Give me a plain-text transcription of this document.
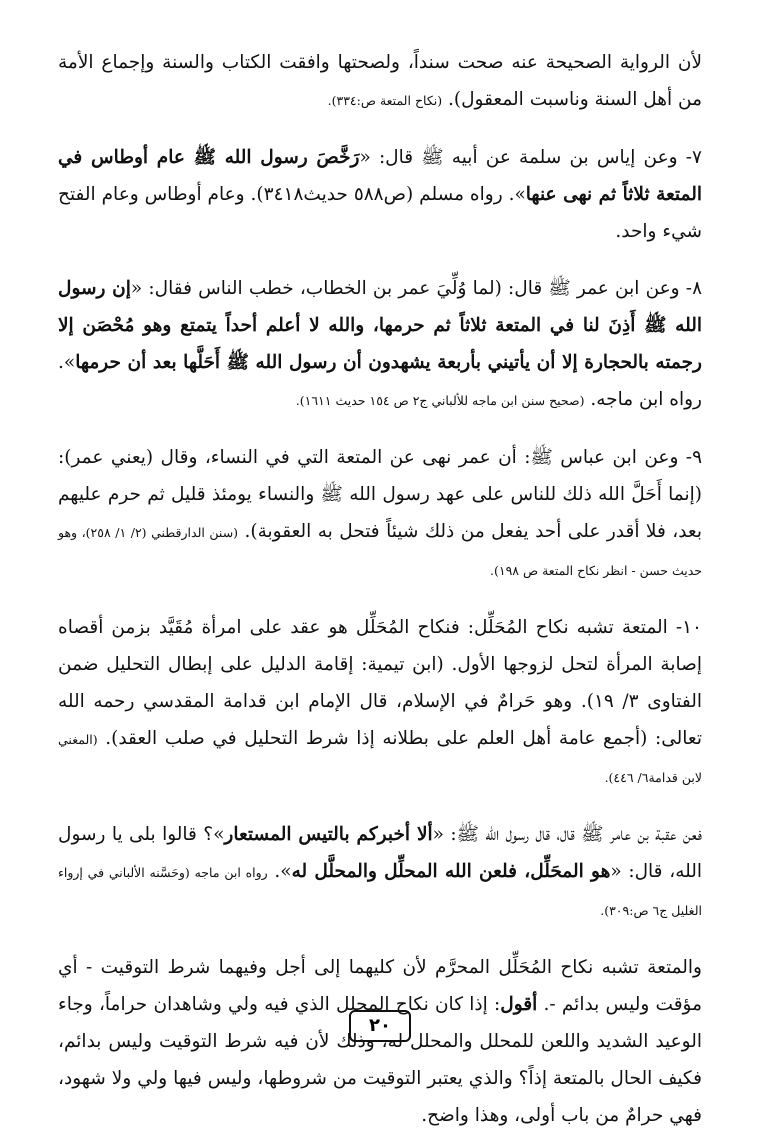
لأن الرواية الصحيحة عنه صحت سنداً، ولصحتها وافقت الكتاب والسنة وإجماع الأمة من أهل السنة وناسبت المعقول). (نكاح المتعة ص:٣٣٤).

٧- وعن إياس بن سلمة عن أبيه ﷺ قال: «رَخَّصَ رسول الله ﷺ عام أوطاس في المتعة ثلاثاً ثم نهى عنها». رواه مسلم (ص٥٨٨ حديث٣٤١٨). وعام أوطاس وعام الفتح شيء واحد.

٨- وعن ابن عمر ﷺ قال: (لما وُلِّيَ عمر بن الخطاب، خطب الناس فقال: «إن رسول الله ﷺ أَذِنَ لنا في المتعة ثلاثاً ثم حرمها، والله لا أعلم أحداً يتمتع وهو مُحْصَن إلا رجمته بالحجارة إلا أن يأتيني بأربعة يشهدون أن رسول الله ﷺ أَحَلَّها بعد أن حرمها». رواه ابن ماجه. (صحيح سنن ابن ماجه للألباني ج٢ ص ١٥٤ حديث ١٦١١).

٩- وعن ابن عباس ﷺ: أن عمر نهى عن المتعة التي في النساء، وقال (يعني عمر): (إنما أَحَلَّ الله ذلك للناس على عهد رسول الله ﷺ والنساء يومئذ قليل ثم حرم عليهم بعد، فلا أقدر على أحد يفعل من ذلك شيئاً فتحل به العقوبة). (سنن الدارقطني (٢/ ١/ ٢٥٨)، وهو حديث حسن - انظر نكاح المتعة ص ١٩٨).

١٠- المتعة تشبه نكاح المُحَلِّل: فنكاح المُحَلِّل هو عقد على امرأة مُقَيَّد بزمن أقصاه إصابة المرأة لتحل لزوجها الأول. (ابن تيمية: إقامة الدليل على إبطال التحليل ضمن الفتاوى ٣/ ١٩). وهو حَرامٌ في الإسلام، قال الإمام ابن قدامة المقدسي رحمه الله تعالى: (أجمع عامة أهل العلم على بطلانه إذا شرط التحليل في صلب العقد). (المغني لابن قدامة٦/ ٤٤٦).

فعن عقبة بن عامر ﷺ قال، قال رسول الله ﷺ: «ألا أخبركم بالتيس المستعار»؟ قالوا بلى يا رسول الله، قال: «هو المحَلِّل، فلعن الله المحلِّل والمحلَّل له». رواه ابن ماجه (وحَسَّنه الألباني في إرواء الغليل ج٦ ص:٣٠٩).

والمتعة تشبه نكاح المُحَلِّل المحرَّم لأن كليهما إلى أجل وفيهما شرط التوقيت - أي مؤقت وليس بدائم -. أقول: إذا كان نكاح المحلل الذي فيه ولي وشاهدان حراماً، وجاء الوعيد الشديد واللعن للمحلل والمحلل له، وذلك لأن فيه شرط التوقيت وليس بدائم، فكيف الحال بالمتعة إذاً؟ والذي يعتبر التوقيت من شروطها، وليس فيها ولي ولا شهود، فهي حرامٌ من باب أولى، وهذا واضح.

٢٠
